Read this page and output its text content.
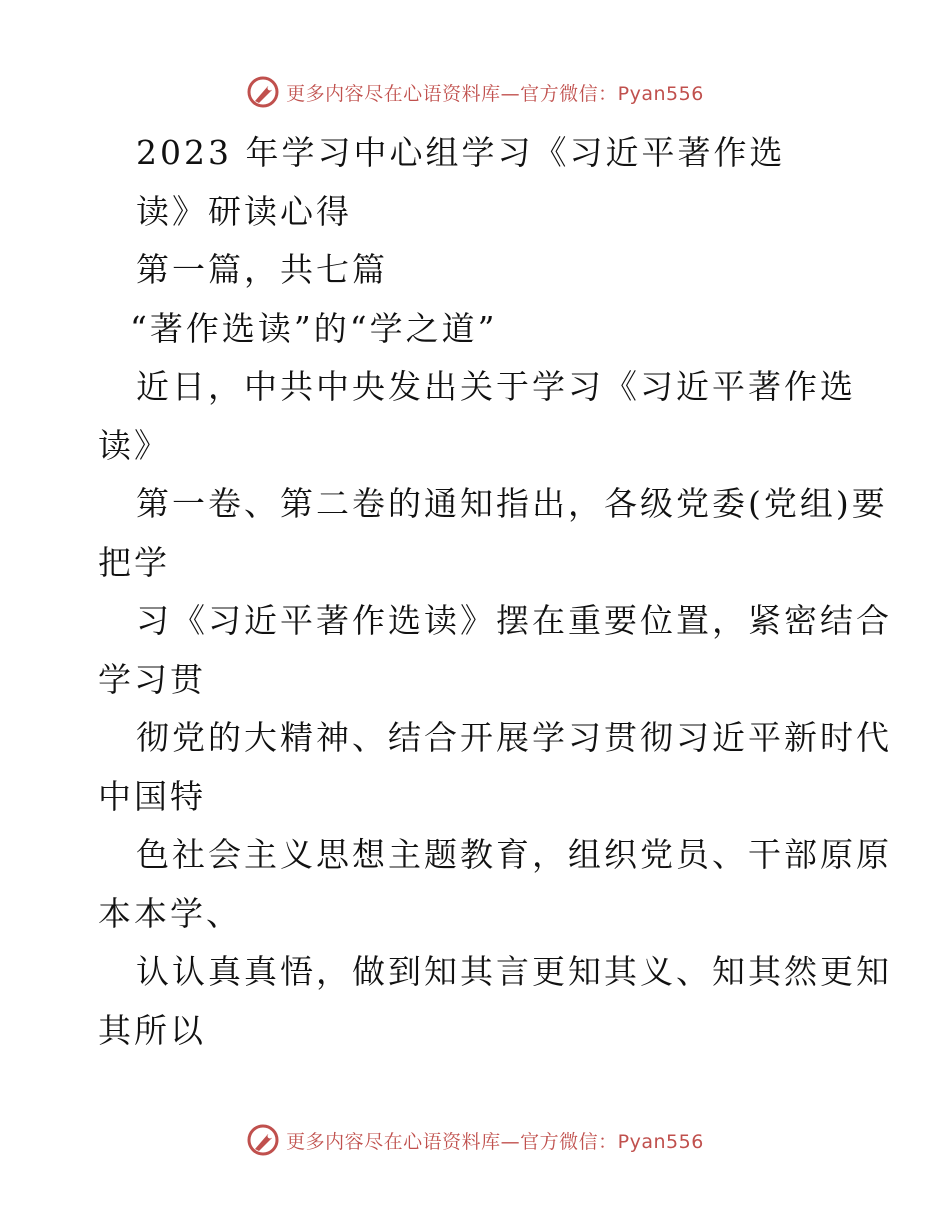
更多内容尽在心语资料库—官方微信：Pyan556
2023 年学习中心组学习《习近平著作选
读》研读心得
第一篇，共七篇
“著作选读”的“学之道”
近日，中共中央发出关于学习《习近平著作选
读》
第一卷、第二卷的通知指出，各级党委(党组)要
把学
习《习近平著作选读》摆在重要位置，紧密结合
学习贯
彻党的大精神、结合开展学习贯彻习近平新时代
中国特
色社会主义思想主题教育，组织党员、干部原原
本本学、
认认真真悟，做到知其言更知其义、知其然更知
其所以
更多内容尽在心语资料库—官方微信：Pyan556
